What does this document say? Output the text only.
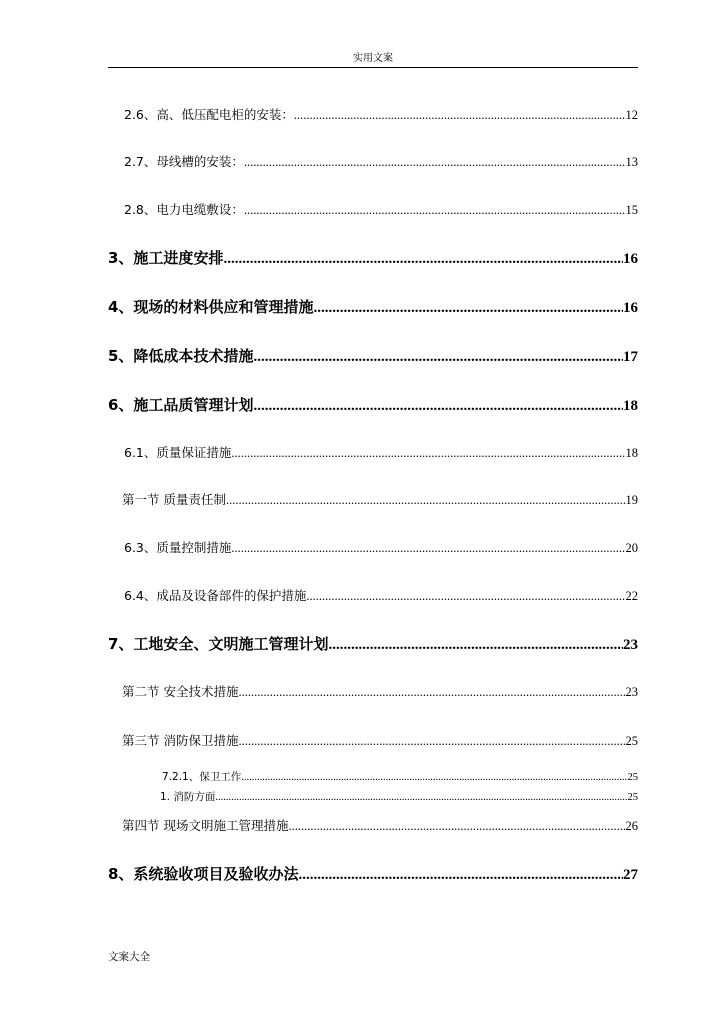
实用文案
2.6、高、低压配电柜的安装： .....	12
2.7、母线槽的安装： .....	13
2.8、电力电缆敷设： .....	15
3、施工进度安排 .....	16
4、现场的材料供应和管理措施 .....	16
5、降低成本技术措施 .....	17
6、施工品质管理计划 .....	18
6.1、质量保证措施 .....	18
第一节 质量责任制 .....	19
6.3、质量控制措施 .....	20
6.4、成品及设备部件的保护措施 .....	22
7、工地安全、文明施工管理计划 .....	23
第二节 安全技术措施 .....	23
第三节 消防保卫措施 .....	25
7.2.1、保卫工作 .....	25
1. 消防方面 .....	25
第四节 现场文明施工管理措施 .....	26
8、系统验收项目及验收办法 .....	27
文案大全
